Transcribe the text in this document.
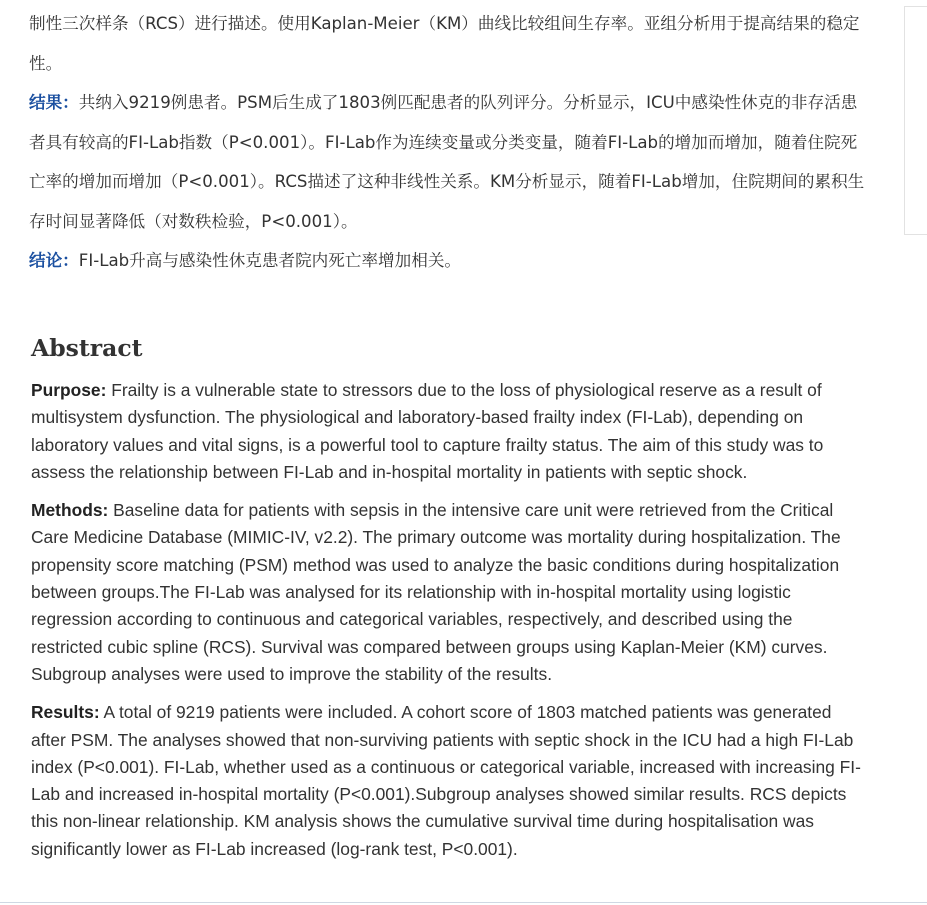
制性三次样条（RCS）进行描述。使用Kaplan-Meier（KM）曲线比较组间生存率。亚组分析用于提高结果的稳定性。

结果：共纳入9219例患者。PSM后生成了1803例匹配患者的队列评分。分析显示，ICU中感染性休克的非存活患者具有较高的FI-Lab指数（P<0.001）。FI-Lab作为连续变量或分类变量，随着FI-Lab的增加而增加，随着住院死亡率的增加而增加（P<0.001）。RCS描述了这种非线性关系。KM分析显示，随着FI-Lab增加，住院期间的累积生存时间显著降低（对数秩检验，P<0.001）。

结论：FI-Lab升高与感染性休克患者院内死亡率增加相关。

Abstract

Purpose: Frailty is a vulnerable state to stressors due to the loss of physiological reserve as a result of multisystem dysfunction. The physiological and laboratory-based frailty index (FI-Lab), depending on laboratory values and vital signs, is a powerful tool to capture frailty status. The aim of this study was to assess the relationship between FI-Lab and in-hospital mortality in patients with septic shock.

Methods: Baseline data for patients with sepsis in the intensive care unit were retrieved from the Critical Care Medicine Database (MIMIC-IV, v2.2). The primary outcome was mortality during hospitalization. The propensity score matching (PSM) method was used to analyze the basic conditions during hospitalization between groups.The FI-Lab was analysed for its relationship with in-hospital mortality using logistic regression according to continuous and categorical variables, respectively, and described using the restricted cubic spline (RCS). Survival was compared between groups using Kaplan-Meier (KM) curves. Subgroup analyses were used to improve the stability of the results.

Results: A total of 9219 patients were included. A cohort score of 1803 matched patients was generated after PSM. The analyses showed that non-surviving patients with septic shock in the ICU had a high FI-Lab index (P<0.001). FI-Lab, whether used as a continuous or categorical variable, increased with increasing FI-Lab and increased in-hospital mortality (P<0.001).Subgroup analyses showed similar results. RCS depicts this non-linear relationship. KM analysis shows the cumulative survival time during hospitalisation was significantly lower as FI-Lab increased (log-rank test, P<0.001).
